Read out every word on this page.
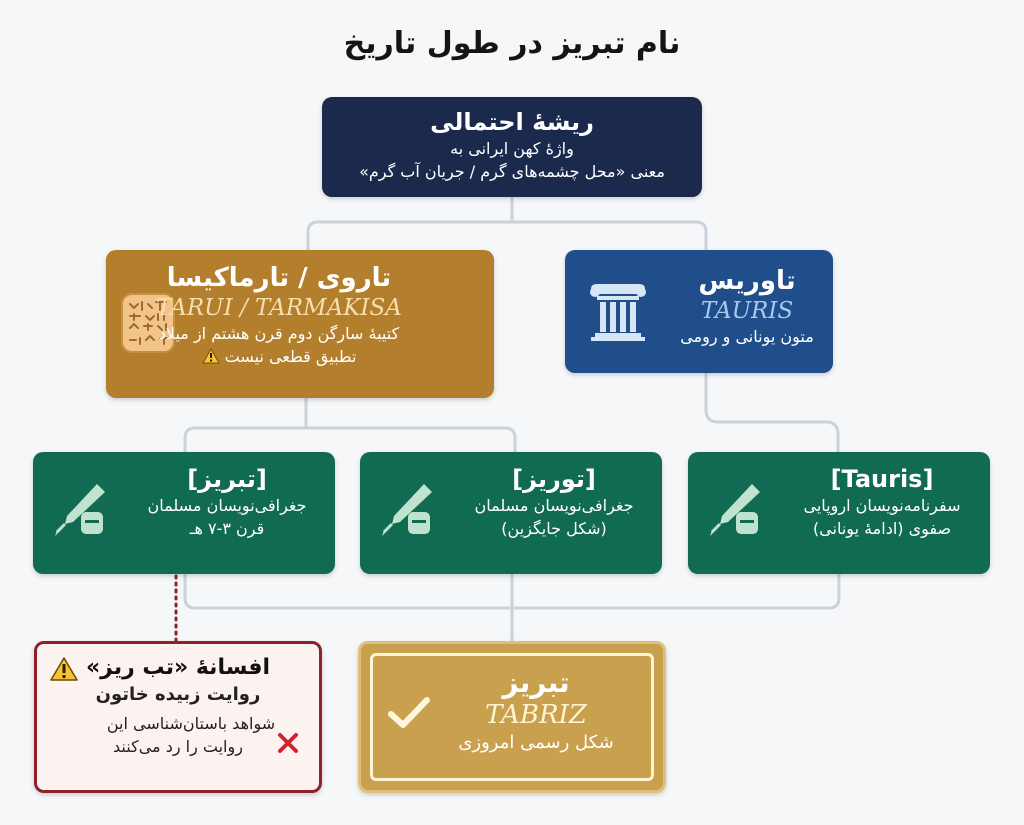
نام تبریز در طول تاریخ
ریشهٔ احتمالی
واژهٔ کهن ایرانی به
معنی «محل چشمه‌های گرم / جریان آب گرم»
تاروی / تارماکیسا
TARUI / TARMAKISA
کتیبهٔ سارگن دوم قرن هشتم از میلاد
تطبیق قطعی نیست
تاوریس
TAURIS
متون یونانی و رومی
[تبریز]
جغرافی‌نویسان مسلمان
قرن ۳-۷ هـ
[توریز]
جغرافی‌نویسان مسلمان
(شکل جایگزین)
[Tauris]
سفرنامه‌نویسان اروپایی
صفوی (ادامهٔ یونانی)
افسانهٔ «تب ریز»
روایت زبیده خاتون
شواهد باستان‌شناسی این
روایت را رد می‌کنند
تبریز
TABRIZ
شکل رسمی امروزی
